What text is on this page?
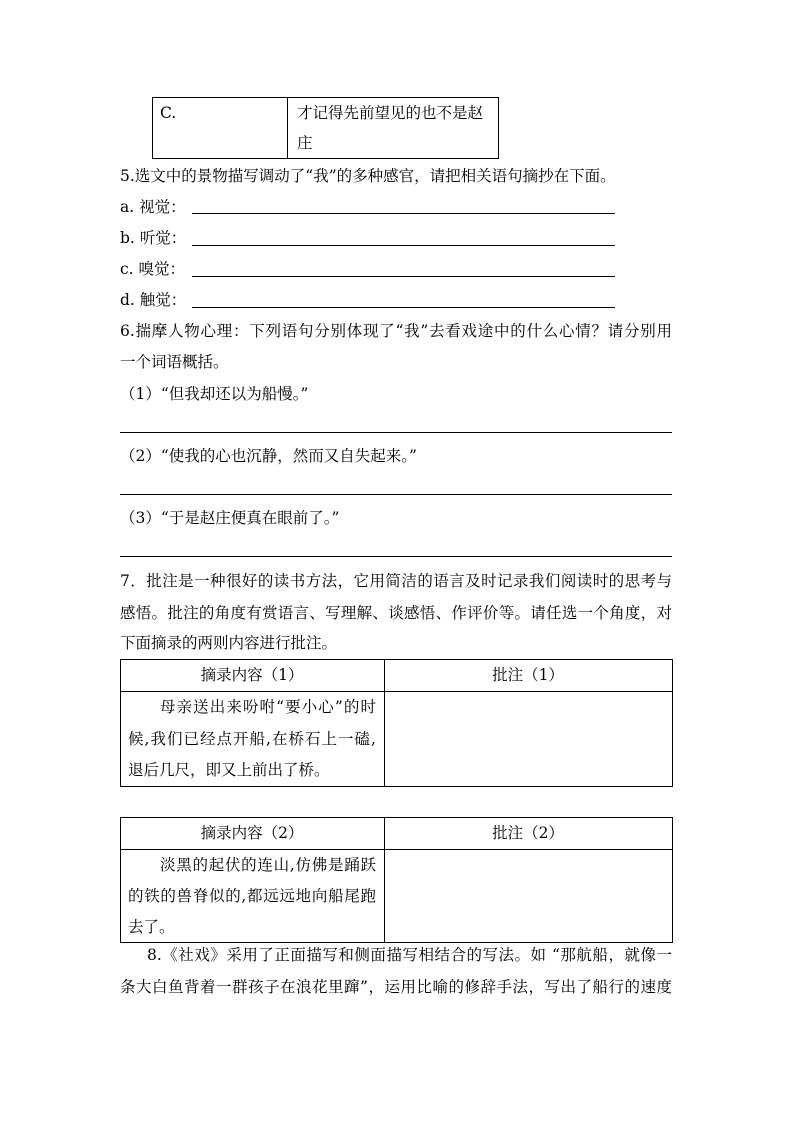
C.	才记得先前望见的也不是赵
庄
5.选文中的景物描写调动了“我”的多种感官，请把相关语句摘抄在下面。
a. 视觉：
b. 听觉：
c. 嗅觉：
d. 触觉：
6.揣摩人物心理：下列语句分别体现了“我”去看戏途中的什么心情？请分别用
一个词语概括。
（1）“但我却还以为船慢。”
（2）“使我的心也沉静，然而又自失起来。”
（3）“于是赵庄便真在眼前了。”
7．批注是一种很好的读书方法，它用简洁的语言及时记录我们阅读时的思考与
感悟。批注的角度有赏语言、写理解、谈感悟、作评价等。请任选一个角度，对
下面摘录的两则内容进行批注。
摘录内容（1）	批注（1）
母亲送出来吩咐“要小心”的时
候,我们已经点开船,在桥石上一磕,
退后几尺，即又上前出了桥。
摘录内容（2）	批注（2）
淡黑的起伏的连山,仿佛是踊跃
的铁的兽脊似的,都远远地向船尾跑
去了。
8.《社戏》采用了正面描写和侧面描写相结合的写法。如 “那航船，就像一
条大白鱼背着一群孩子在浪花里蹿”，运用比喻的修辞手法，写出了船行的速度
